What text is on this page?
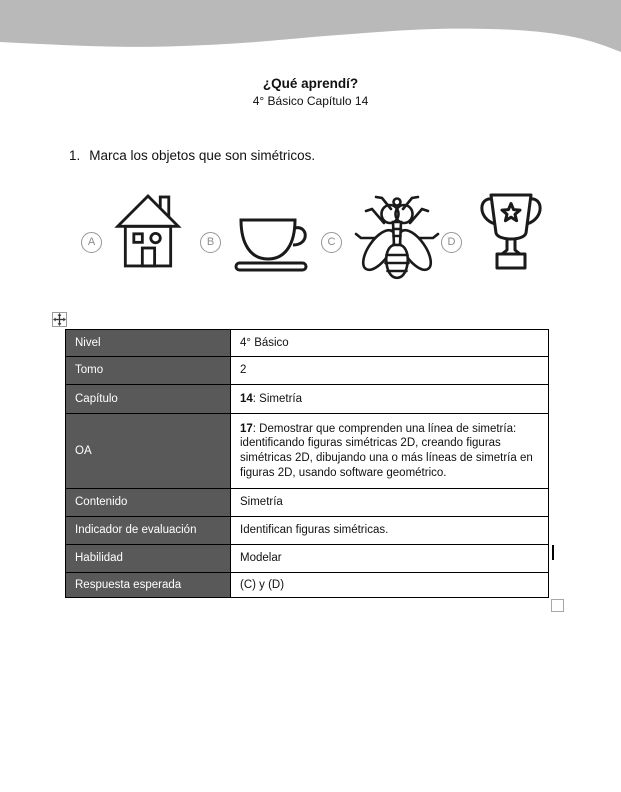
¿Qué aprendí?
4° Básico Capítulo 14
1. Marca los objetos que son simétricos.
A	B	C	D
Nivel	4° Básico
Tomo	2
Capítulo	14: Simetría
OA	17: Demostrar que comprenden una línea de simetría: identificando figuras simétricas 2D, creando figuras simétricas 2D, dibujando una o más líneas de simetría en figuras 2D, usando software geométrico.
Contenido	Simetría
Indicador de evaluación	Identifican figuras simétricas.
Habilidad	Modelar
Respuesta esperada	(C) y (D)
